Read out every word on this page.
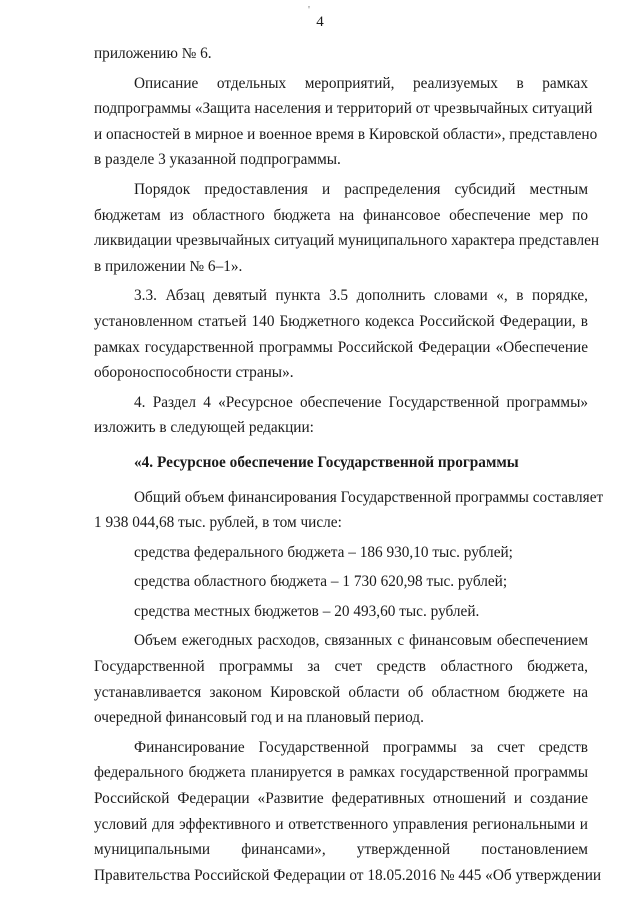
'
4
приложению № 6.
Описание отдельных мероприятий, реализуемых в рамках
подпрограммы «Защита населения и территорий от чрезвычайных ситуаций
и опасностей в мирное и военное время в Кировской области», представлено
в разделе 3 указанной подпрограммы.
Порядок предоставления и распределения субсидий местным
бюджетам из областного бюджета на финансовое обеспечение мер по
ликвидации чрезвычайных ситуаций муниципального характера представлен
в приложении № 6–1».
3.3. Абзац девятый пункта 3.5 дополнить словами «, в порядке,
установленном статьей 140 Бюджетного кодекса Российской Федерации, в
рамках государственной программы Российской Федерации «Обеспечение
обороноспособности страны».
4. Раздел 4 «Ресурсное обеспечение Государственной программы»
изложить в следующей редакции:
«4. Ресурсное обеспечение Государственной программы
Общий объем финансирования Государственной программы составляет
1 938 044,68 тыс. рублей, в том числе:
средства федерального бюджета – 186 930,10 тыс. рублей;
средства областного бюджета – 1 730 620,98 тыс. рублей;
средства местных бюджетов – 20 493,60 тыс. рублей.
Объем ежегодных расходов, связанных с финансовым обеспечением
Государственной программы за счет средств областного бюджета,
устанавливается законом Кировской области об областном бюджете на
очередной финансовый год и на плановый период.
Финансирование Государственной программы за счет средств
федерального бюджета планируется в рамках государственной программы
Российской Федерации «Развитие федеративных отношений и создание
условий для эффективного и ответственного управления региональными и
муниципальными финансами», утвержденной постановлением
Правительства Российской Федерации от 18.05.2016 № 445 «Об утверждении
